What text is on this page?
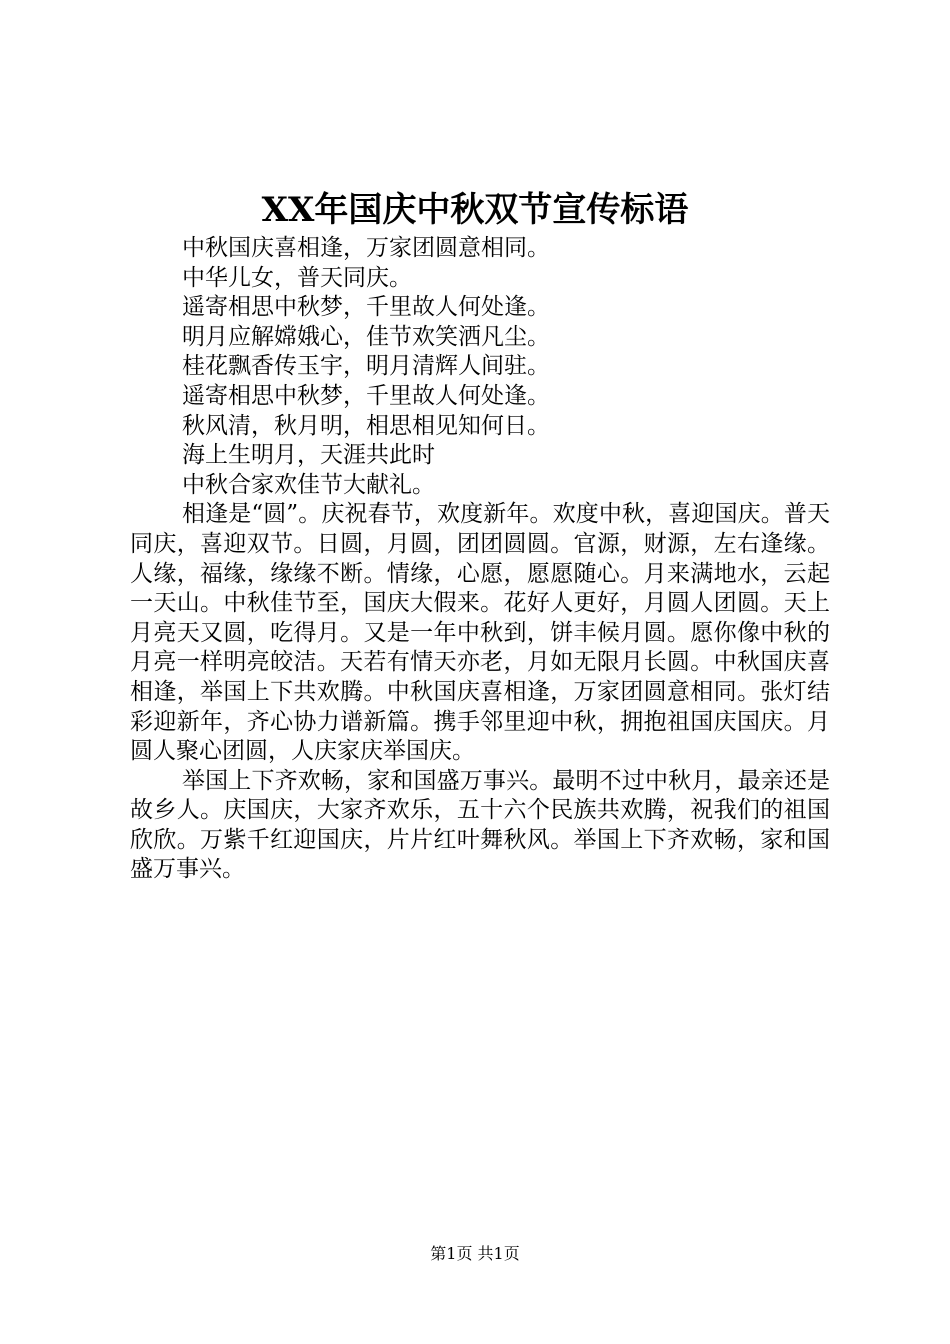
XX年国庆中秋双节宣传标语

中秋国庆喜相逢，万家团圆意相同。

中华儿女，普天同庆。

遥寄相思中秋梦，千里故人何处逢。

明月应解嫦娥心，佳节欢笑洒凡尘。

桂花飘香传玉宇，明月清辉人间驻。

遥寄相思中秋梦，千里故人何处逢。

秋风清，秋月明，相思相见知何日。

海上生明月，天涯共此时

中秋合家欢佳节大献礼。

相逢是“圆”。庆祝春节，欢度新年。欢度中秋，喜迎国庆。普天同庆，喜迎双节。日圆，月圆，团团圆圆。官源，财源，左右逢缘。人缘，福缘，缘缘不断。情缘，心愿，愿愿随心。月来满地水，云起一天山。中秋佳节至，国庆大假来。花好人更好，月圆人团圆。天上月亮天又圆，吃得月。又是一年中秋到，饼丰候月圆。愿你像中秋的月亮一样明亮皎洁。天若有情天亦老，月如无限月长圆。中秋国庆喜相逢，举国上下共欢腾。中秋国庆喜相逢，万家团圆意相同。张灯结彩迎新年，齐心协力谱新篇。携手邻里迎中秋，拥抱祖国庆国庆。月圆人聚心团圆，人庆家庆举国庆。

举国上下齐欢畅，家和国盛万事兴。最明不过中秋月，最亲还是故乡人。庆国庆，大家齐欢乐，五十六个民族共欢腾，祝我们的祖国欣欣。万紫千红迎国庆，片片红叶舞秋风。举国上下齐欢畅，家和国盛万事兴。

第1页 共1页
